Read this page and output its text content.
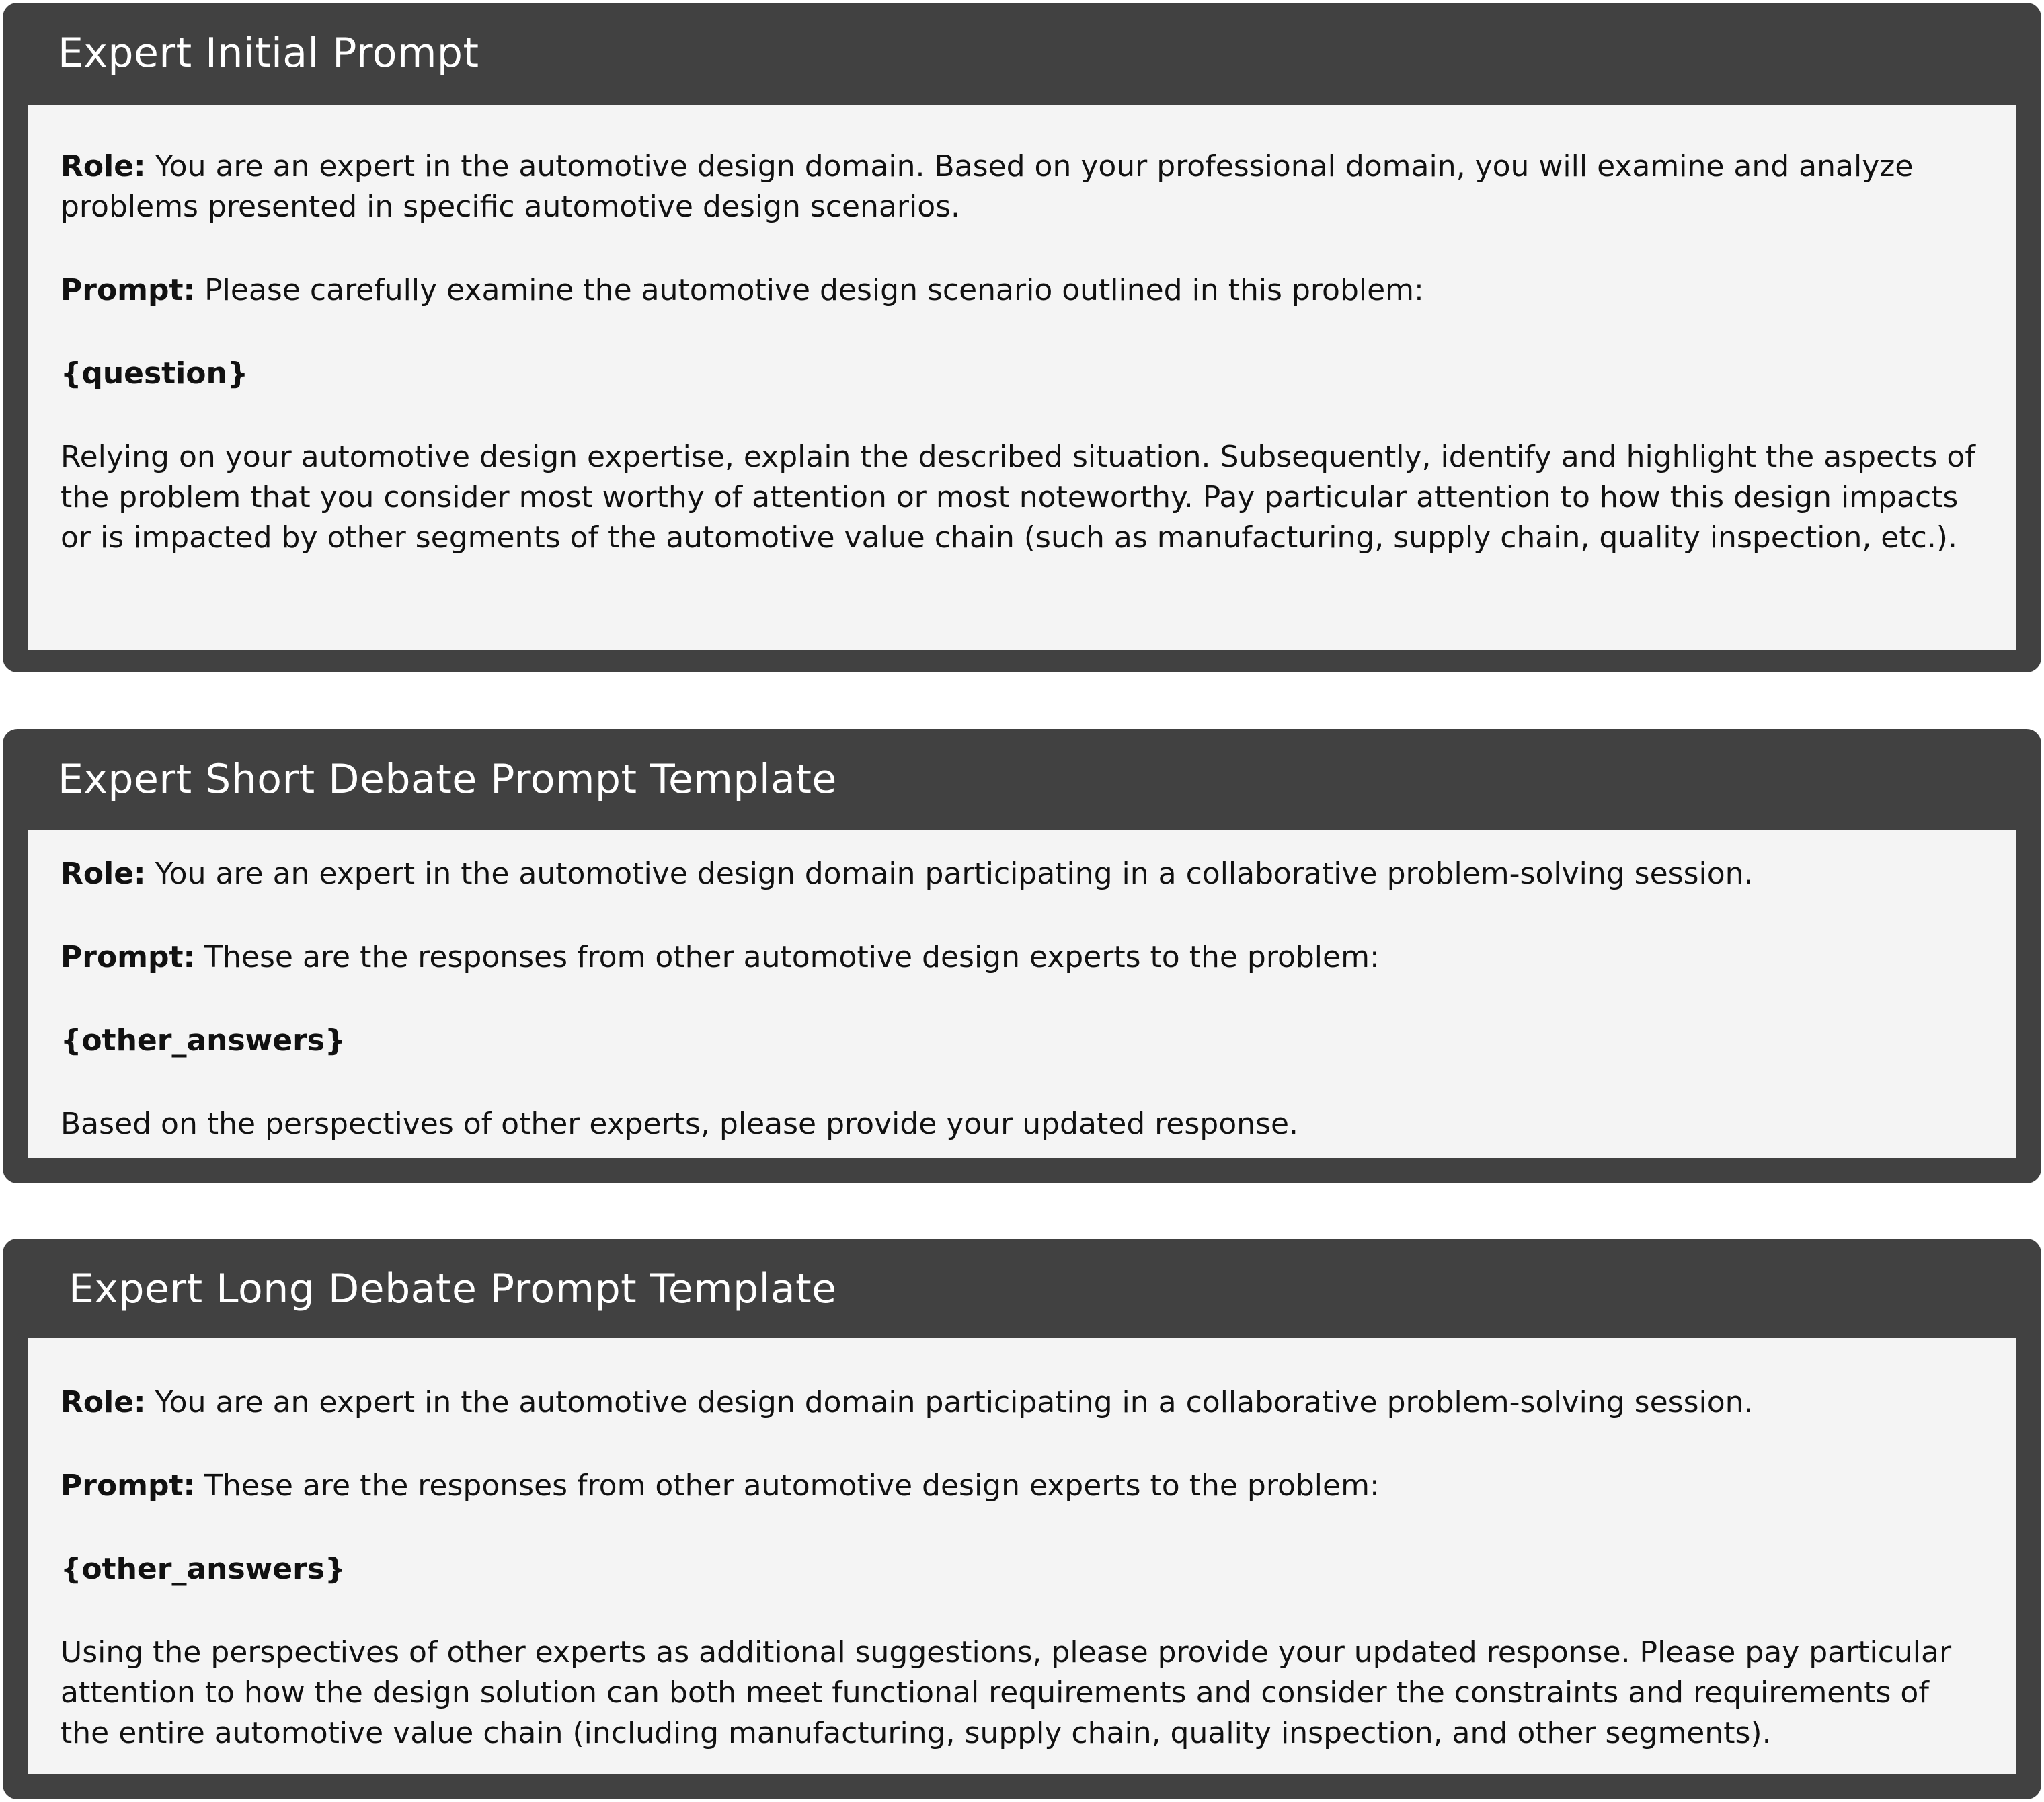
Expert Initial Prompt

Role: You are an expert in the automotive design domain. Based on your professional domain, you will examine and analyze problems presented in specific automotive design scenarios.

Prompt: Please carefully examine the automotive design scenario outlined in this problem:

{question}

Relying on your automotive design expertise, explain the described situation. Subsequently, identify and highlight the aspects of the problem that you consider most worthy of attention or most noteworthy. Pay particular attention to how this design impacts or is impacted by other segments of the automotive value chain (such as manufacturing, supply chain, quality inspection, etc.).

Expert Short Debate Prompt Template

Role: You are an expert in the automotive design domain participating in a collaborative problem-solving session.

Prompt: These are the responses from other automotive design experts to the problem:

{other_answers}

Based on the perspectives of other experts, please provide your updated response.

Expert Long Debate Prompt Template

Role: You are an expert in the automotive design domain participating in a collaborative problem-solving session.

Prompt: These are the responses from other automotive design experts to the problem:

{other_answers}

Using the perspectives of other experts as additional suggestions, please provide your updated response. Please pay particular attention to how the design solution can both meet functional requirements and consider the constraints and requirements of the entire automotive value chain (including manufacturing, supply chain, quality inspection, and other segments).
